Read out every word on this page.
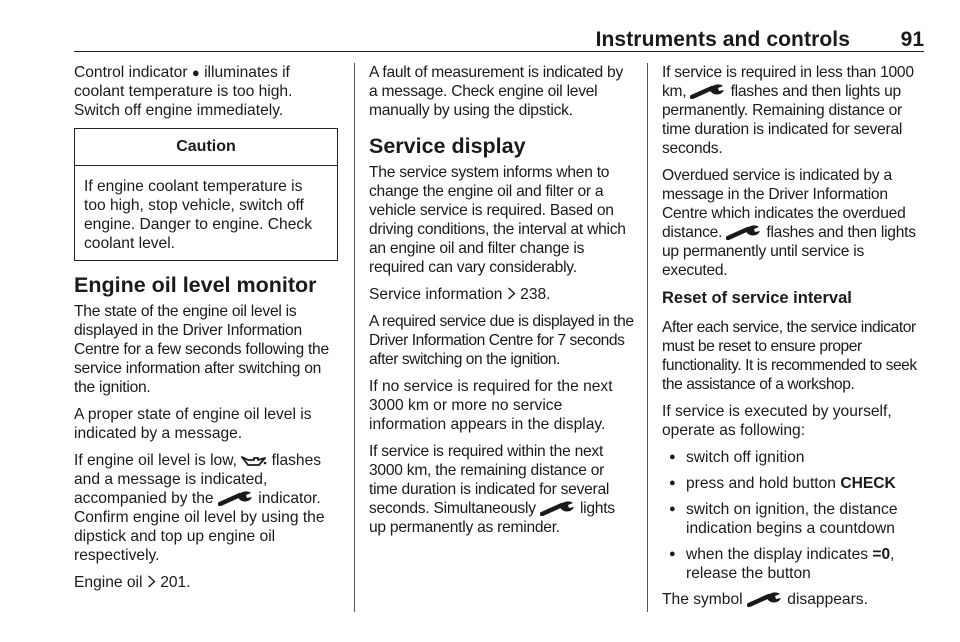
Instruments and controls	91

Control indicator ● illuminates if coolant temperature is too high. Switch off engine immediately.

Caution

If engine coolant temperature is too high, stop vehicle, switch off engine. Danger to engine. Check coolant level.

Engine oil level monitor

The state of the engine oil level is displayed in the Driver Information Centre for a few seconds following the service information after switching on the ignition.

A proper state of engine oil level is indicated by a message.

If engine oil level is low, flashes and a message is indicated, accompanied by the	indicator. Confirm engine oil level by using the dipstick and top up engine oil respectively.

Engine oil 201.

A fault of measurement is indicated by a message. Check engine oil level manually by using the dipstick.

Service display

The service system informs when to change the engine oil and filter or a vehicle service is required. Based on driving conditions, the interval at which an engine oil and filter change is required can vary considerably.

Service information 238.

A required service due is displayed in the Driver Information Centre for 7 seconds after switching on the ignition.

If no service is required for the next 3000 km or more no service information appears in the display.

If service is required within the next 3000 km, the remaining distance or time duration is indicated for several seconds. Simultaneously	lights up permanently as reminder.

If service is required in less than 1000 km,	flashes and then lights up permanently. Remaining distance or time duration is indicated for several seconds.

Overdued service is indicated by a message in the Driver Information Centre which indicates the overdued distance.	flashes and then lights up permanently until service is executed.

Reset of service interval

After each service, the service indicator must be reset to ensure proper functionality. It is recommended to seek the assistance of a workshop.

If service is executed by yourself, operate as following:

● switch off ignition
● press and hold button CHECK
● switch on ignition, the distance indication begins a countdown
● when the display indicates =0, release the button

The symbol	disappears.
